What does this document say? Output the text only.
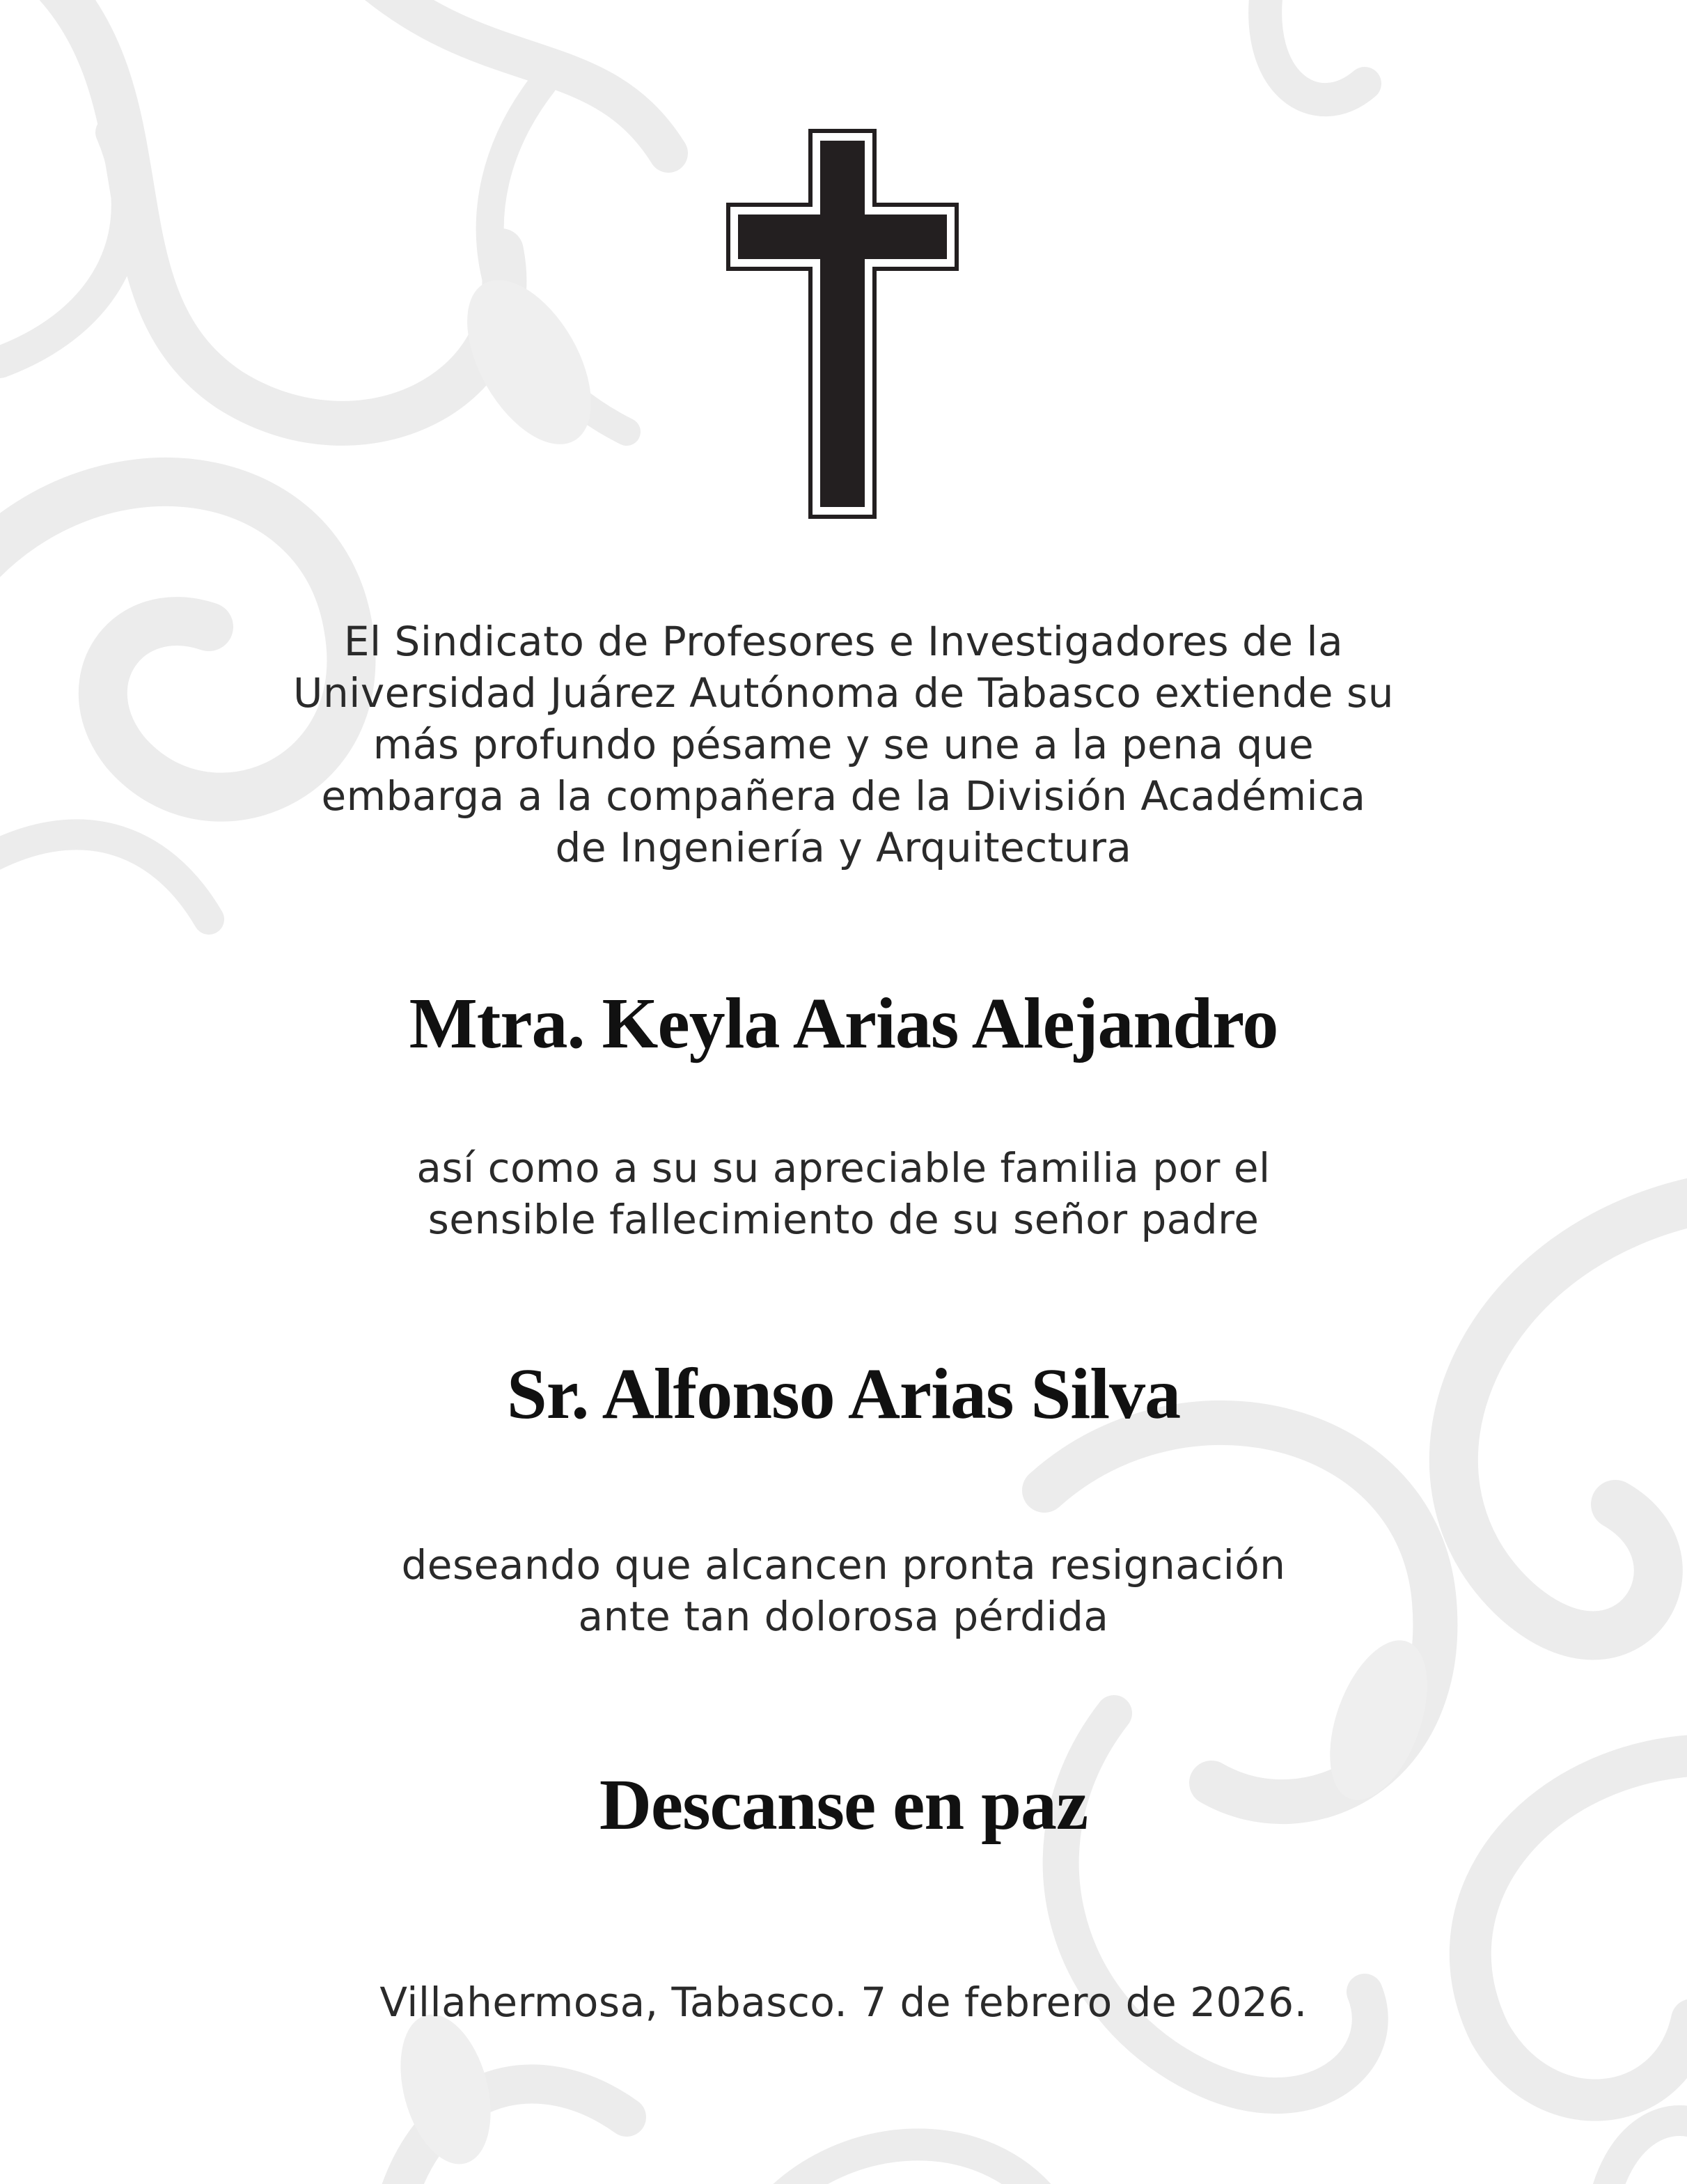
El Sindicato de Profesores e Investigadores de la
Universidad Juárez Autónoma de Tabasco extiende su
más profundo pésame y se une a la pena que
embarga a la compañera de la División Académica
de Ingeniería y Arquitectura
Mtra. Keyla Arias Alejandro
así como a su su apreciable familia por el
sensible fallecimiento de su señor padre
Sr. Alfonso Arias Silva
deseando que alcancen pronta resignación
ante tan dolorosa pérdida
Descanse en paz
Villahermosa, Tabasco. 7 de febrero de 2026.
